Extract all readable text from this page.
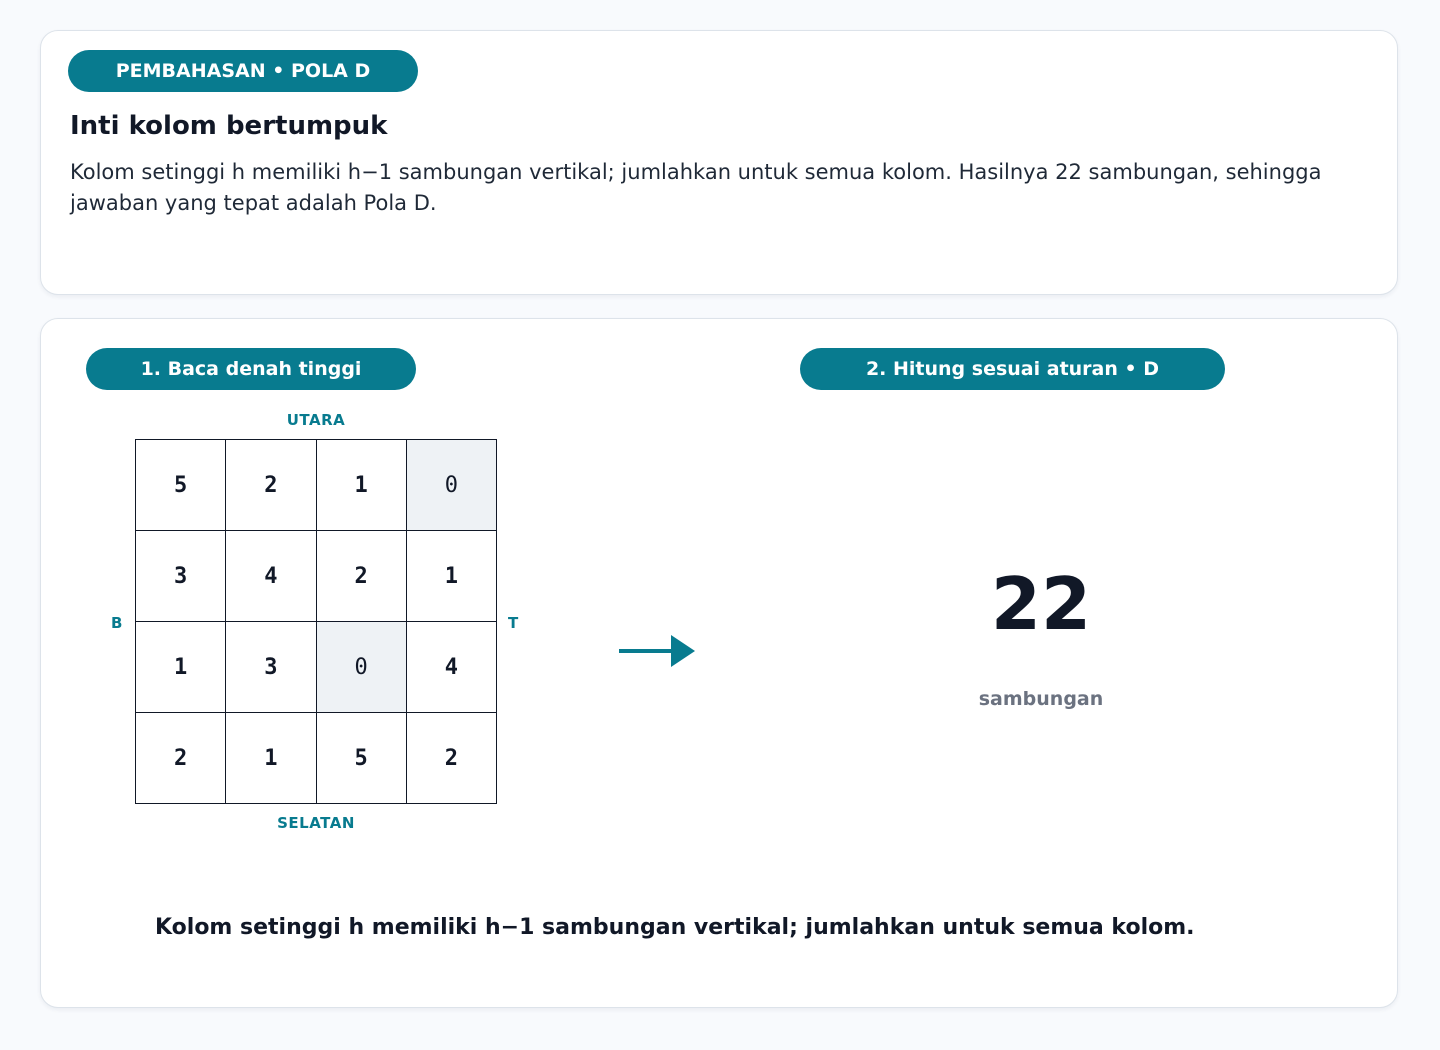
PEMBAHASAN • POLA D
Inti kolom bertumpuk

Kolom setinggi h memiliki h−1 sambungan vertikal; jumlahkan untuk semua kolom. Hasilnya 22 sambungan, sehingga jawaban yang tepat adalah Pola D.

1. Baca denah tinggi	2. Hitung sesuai aturan • D
UTARA
SELATAN
B	T
5	2	1	0
3	4	2	1
1	3	0	4
2	1	5	2
22
sambungan

Kolom setinggi h memiliki h−1 sambungan vertikal; jumlahkan untuk semua kolom.
